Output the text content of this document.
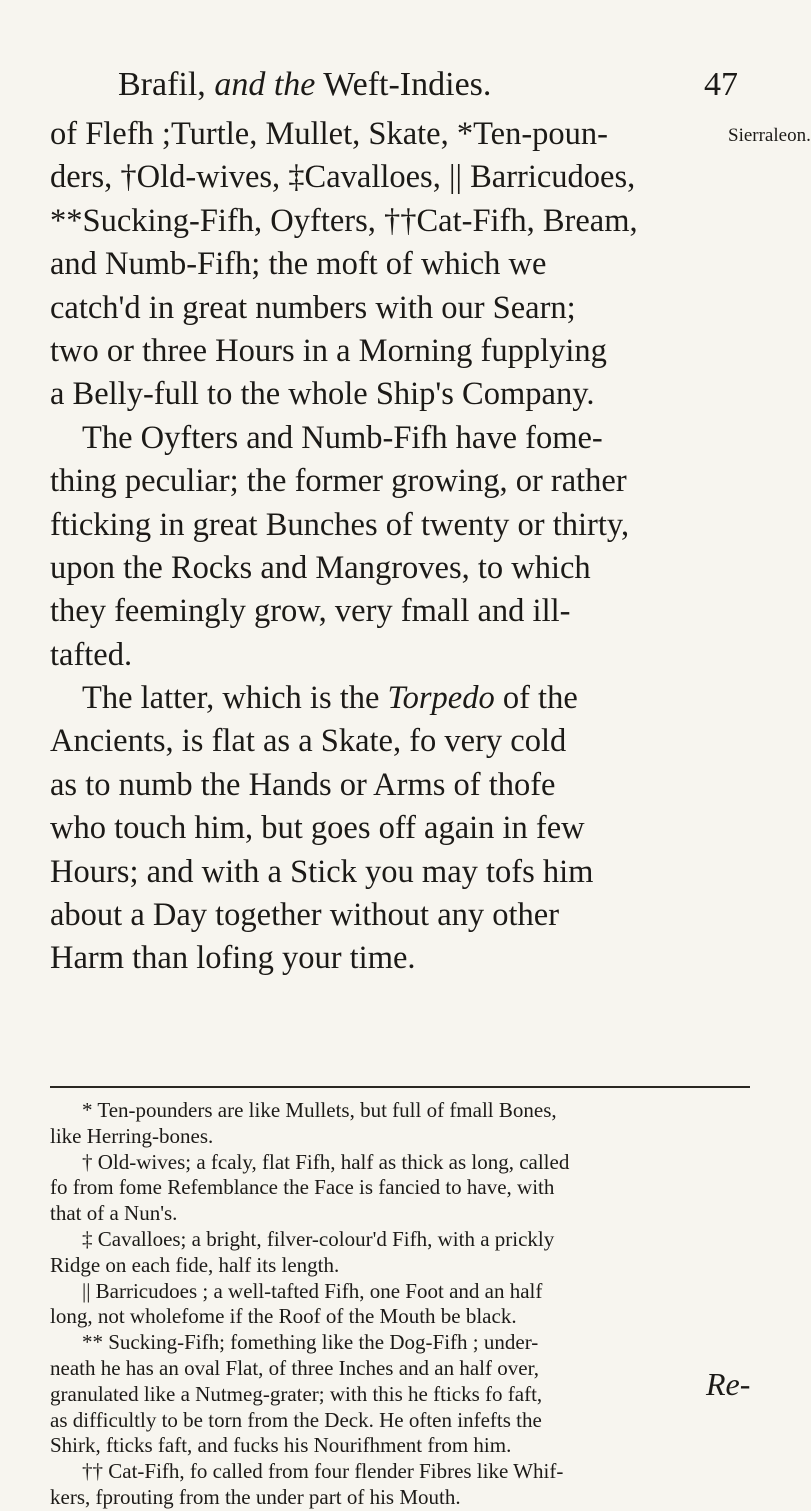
Brafil, and the Weft-Indies.	47
Sierraleon.
of Flefh ;Turtle, Mullet, Skate, *Ten-poun-
ders, †Old-wives, ‡Cavalloes, || Barricudoes,
**Sucking-Fifh, Oyfters, ††Cat-Fifh, Bream,
and Numb-Fifh; the moft of which we
catch'd in great numbers with our Searn;
two or three Hours in a Morning fupplying
a Belly-full to the whole Ship's Company.
The Oyfters and Numb-Fifh have fome-
thing peculiar; the former growing, or rather
fticking in great Bunches of twenty or thirty,
upon the Rocks and Mangroves, to which
they feemingly grow, very fmall and ill-
tafted.
The latter, which is the Torpedo of the
Ancients, is flat as a Skate, fo very cold
as to numb the Hands or Arms of thofe
who touch him, but goes off again in few
Hours; and with a Stick you may tofs him
about a Day together without any other
Harm than lofing your time.
* Ten-pounders are like Mullets, but full of fmall Bones,
like Herring-bones.
† Old-wives; a fcaly, flat Fifh, half as thick as long, called
fo from fome Refemblance the Face is fancied to have, with
that of a Nun's.
‡ Cavalloes; a bright, filver-colour'd Fifh, with a prickly
Ridge on each fide, half its length.
|| Barricudoes ; a well-tafted Fifh, one Foot and an half
long, not wholefome if the Roof of the Mouth be black.
** Sucking-Fifh; fomething like the Dog-Fifh ; under-
neath he has an oval Flat, of three Inches and an half over,
granulated like a Nutmeg-grater; with this he fticks fo faft,
as difficultly to be torn from the Deck. He often infefts the
Shirk, fticks faft, and fucks his Nourifhment from him.
†† Cat-Fifh, fo called from four flender Fibres like Whif-
kers, fprouting from the under part of his Mouth.
Re-
